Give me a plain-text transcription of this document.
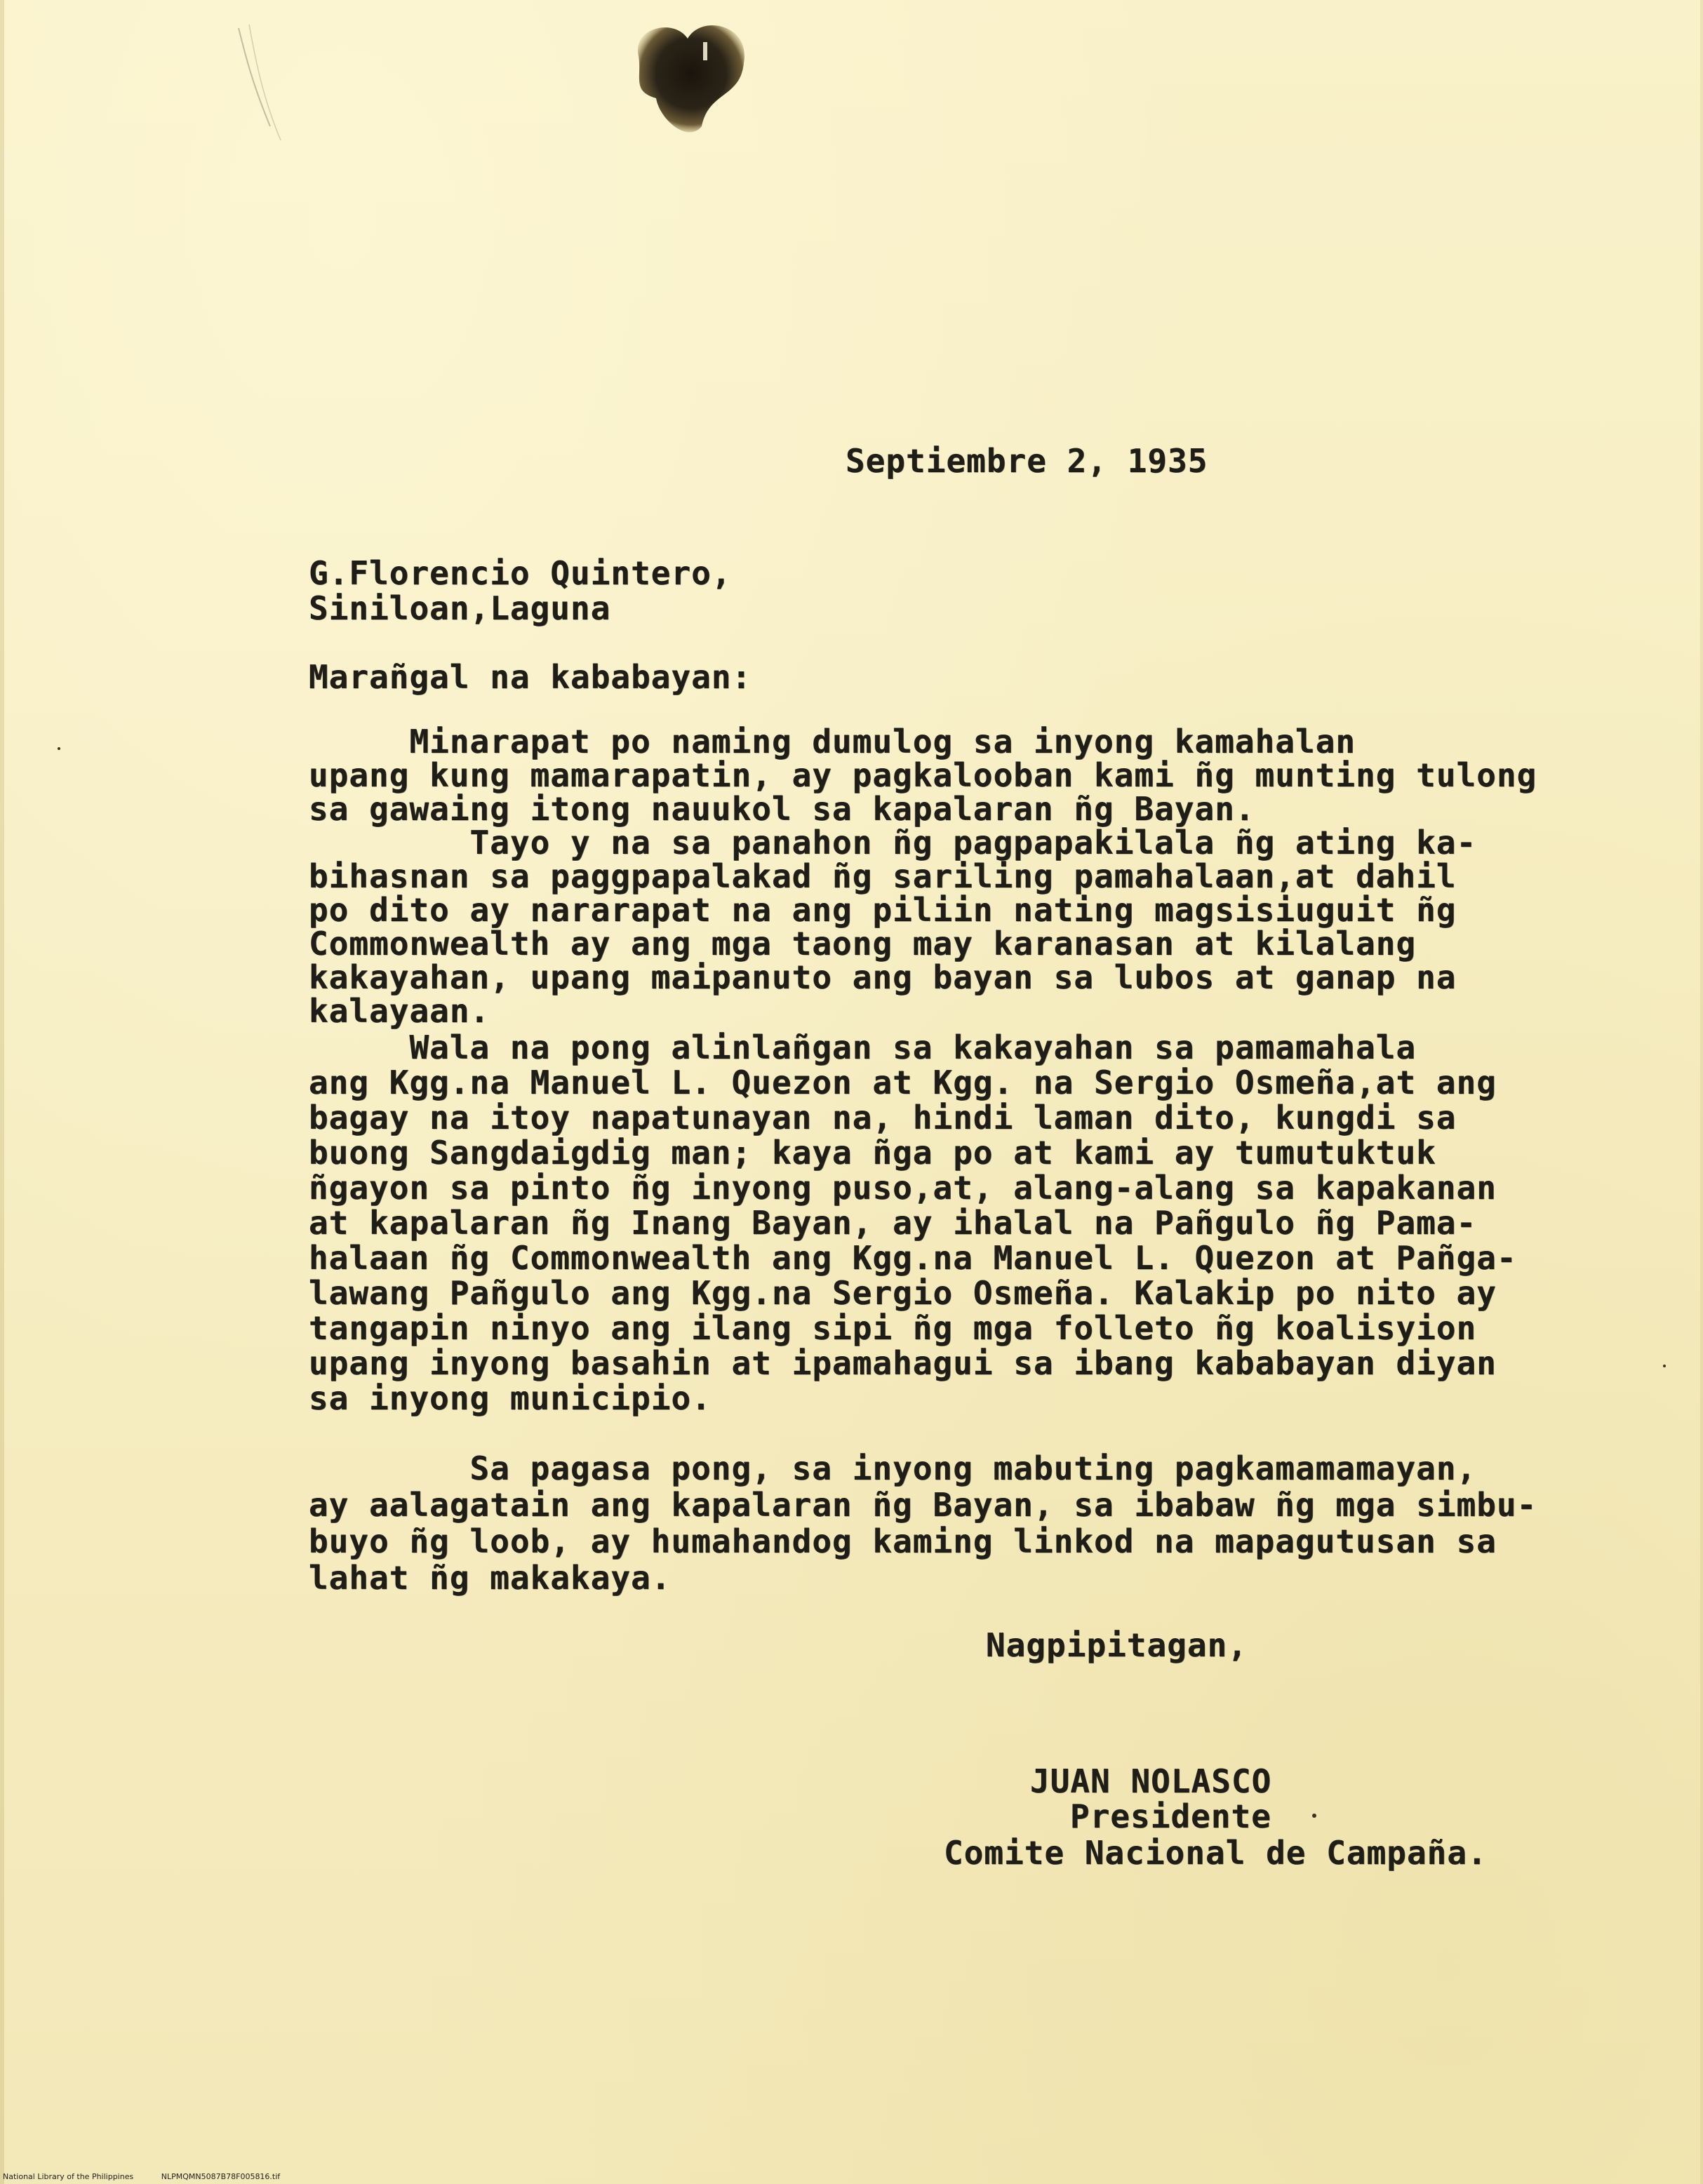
Septiembre 2, 1935
G.Florencio Quintero,
Siniloan,Laguna
Marañgal na kababayan:
Minarapat po naming dumulog sa inyong kamahalan
upang kung mamarapatin, ay pagkalooban kami ñg munting tulong
sa gawaing itong nauukol sa kapalaran ñg Bayan.
Tayo y na sa panahon ñg pagpapakilala ñg ating ka-
bihasnan sa paggpapalakad ñg sariling pamahalaan,at dahil
po dito ay nararapat na ang piliin nating magsisiuguit ñg
Commonwealth ay ang mga taong may karanasan at kilalang
kakayahan, upang maipanuto ang bayan sa lubos at ganap na
kalayaan.
Wala na pong alinlañgan sa kakayahan sa pamamahala
ang Kgg.na Manuel L. Quezon at Kgg. na Sergio Osmeña,at ang
bagay na itoy napatunayan na, hindi laman dito, kungdi sa
buong Sangdaigdig man; kaya ñga po at kami ay tumutuktuk
ñgayon sa pinto ñg inyong puso,at, alang-alang sa kapakanan
at kapalaran ñg Inang Bayan, ay ihalal na Pañgulo ñg Pama-
halaan ñg Commonwealth ang Kgg.na Manuel L. Quezon at Pañga-
lawang Pañgulo ang Kgg.na Sergio Osmeña. Kalakip po nito ay
tangapin ninyo ang ilang sipi ñg mga folleto ñg koalisyion
upang inyong basahin at ipamahagui sa ibang kababayan diyan
sa inyong municipio.
Sa pagasa pong, sa inyong mabuting pagkamamamayan,
ay aalagatain ang kapalaran ñg Bayan, sa ibabaw ñg mga simbu-
buyo ñg loob, ay humahandog kaming linkod na mapagutusan sa
lahat ñg makakaya.
Nagpipitagan,
JUAN NOLASCO
Presidente
Comite Nacional de Campaña.
National Library of the Philippines	NLPMQMN5087B78F005816.tif
